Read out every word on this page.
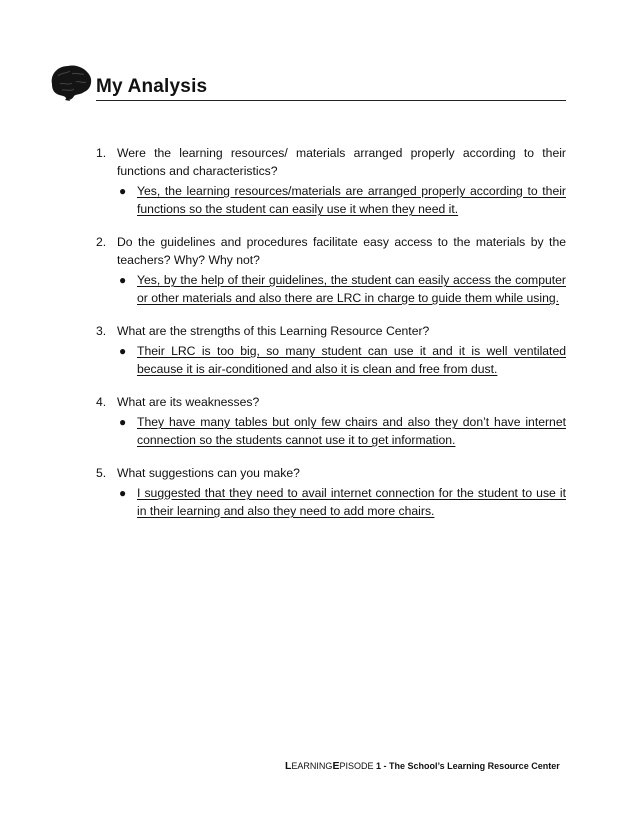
My Analysis
1. Were the learning resources/ materials arranged properly according to their functions and characteristics?
● Yes, the learning resources/materials are arranged properly according to their functions so the student can easily use it when they need it.
2. Do the guidelines and procedures facilitate easy access to the materials by the teachers? Why? Why not?
● Yes, by the help of their guidelines, the student can easily access the computer or other materials and also there are LRC in charge to guide them while using.
3. What are the strengths of this Learning Resource Center?
● Their LRC is too big, so many student can use it and it is well ventilated because it is air-conditioned and also it is clean and free from dust.
4. What are its weaknesses?
● They have many tables but only few chairs and also they don’t have internet connection so the students cannot use it to get information.
5. What suggestions can you make?
● I suggested that they need to avail internet connection for the student to use it in their learning and also they need to add more chairs.
LEARNINGEPISODE 1 - The School’s Learning Resource Center
